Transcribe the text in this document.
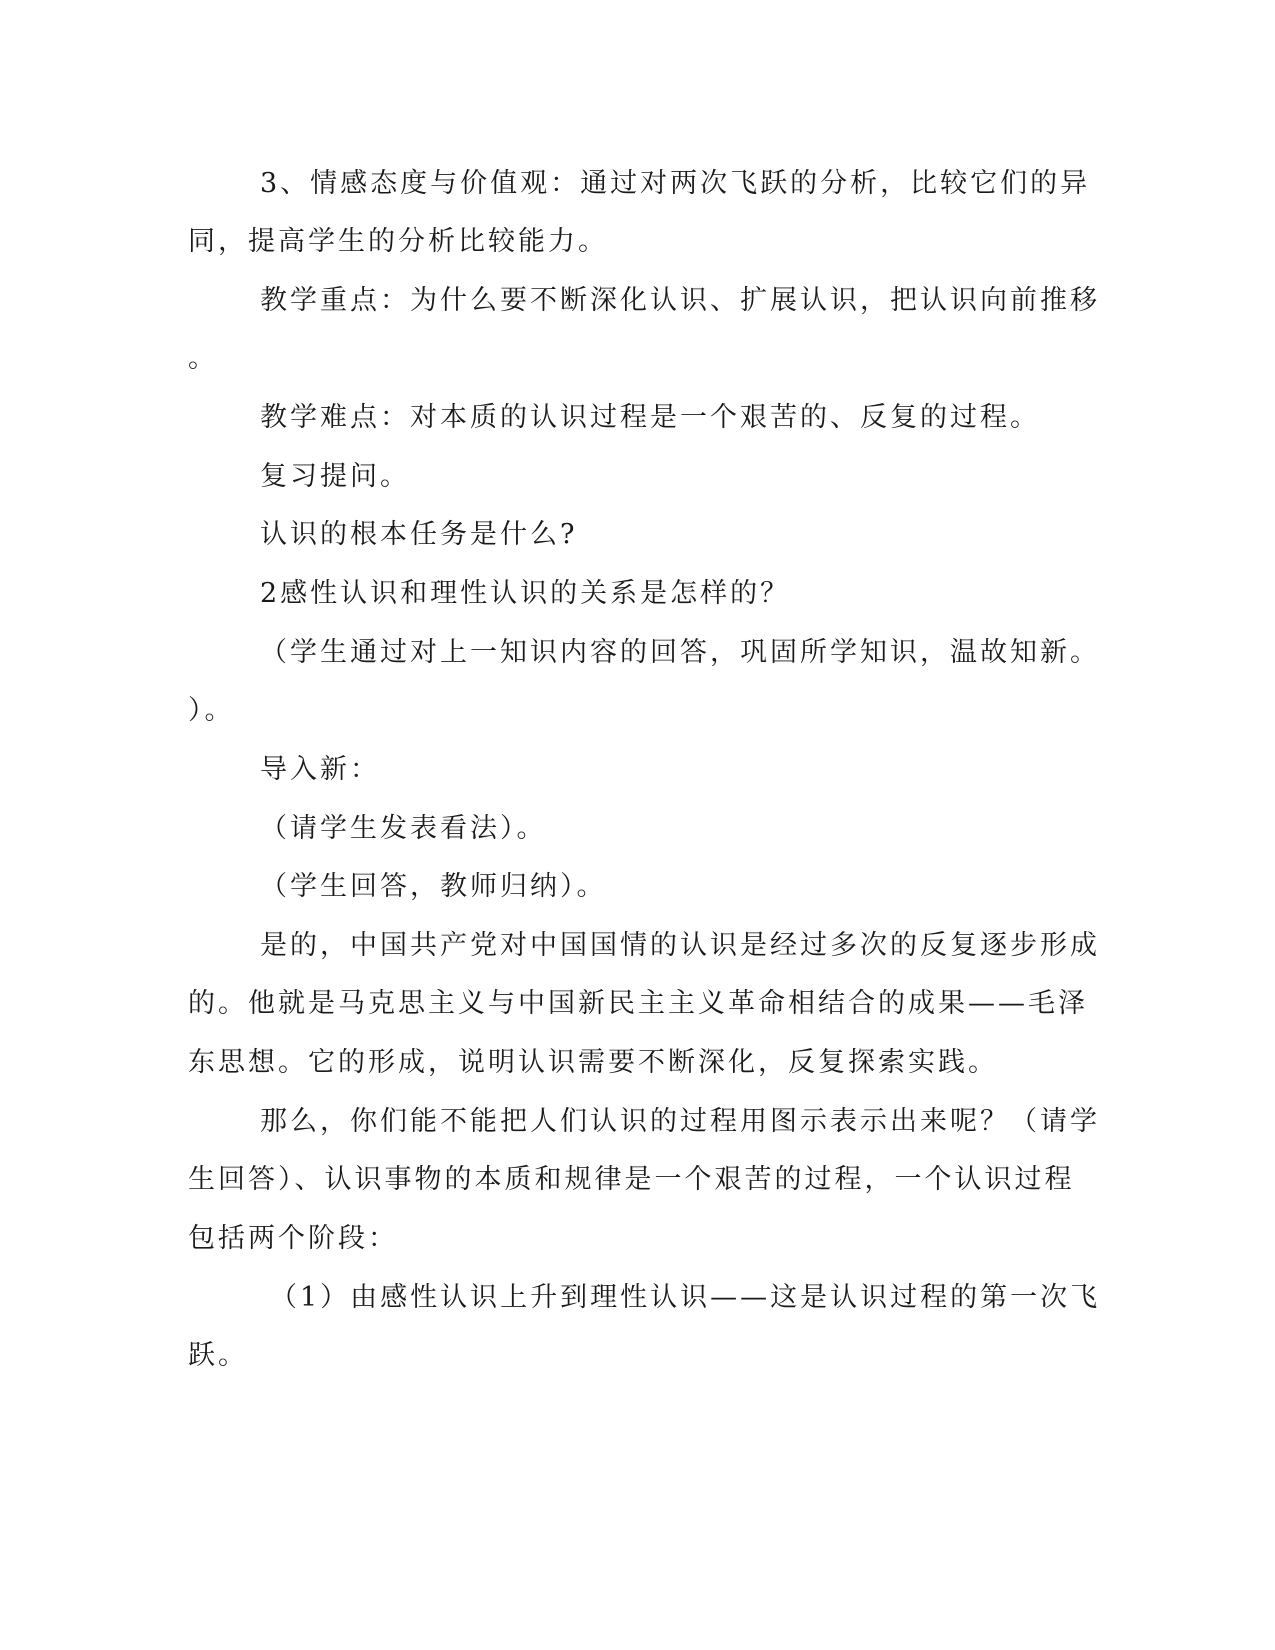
3、情感态度与价值观：通过对两次飞跃的分析，比较它们的异
同，提高学生的分析比较能力。
教学重点：为什么要不断深化认识、扩展认识，把认识向前推移
。
教学难点：对本质的认识过程是一个艰苦的、反复的过程。
复习提问。
认识的根本任务是什么?
2感性认识和理性认识的关系是怎样的？
（学生通过对上一知识内容的回答，巩固所学知识，温故知新。
）。
导入新：
（请学生发表看法）。
（学生回答，教师归纳）。
是的，中国共产党对中国国情的认识是经过多次的反复逐步形成
的。他就是马克思主义与中国新民主主义革命相结合的成果——毛泽
东思想。它的形成，说明认识需要不断深化，反复探索实践。
那么，你们能不能把人们认识的过程用图示表示出来呢？（请学
生回答）、认识事物的本质和规律是一个艰苦的过程，一个认识过程
包括两个阶段：
（1）由感性认识上升到理性认识——这是认识过程的第一次飞
跃。
